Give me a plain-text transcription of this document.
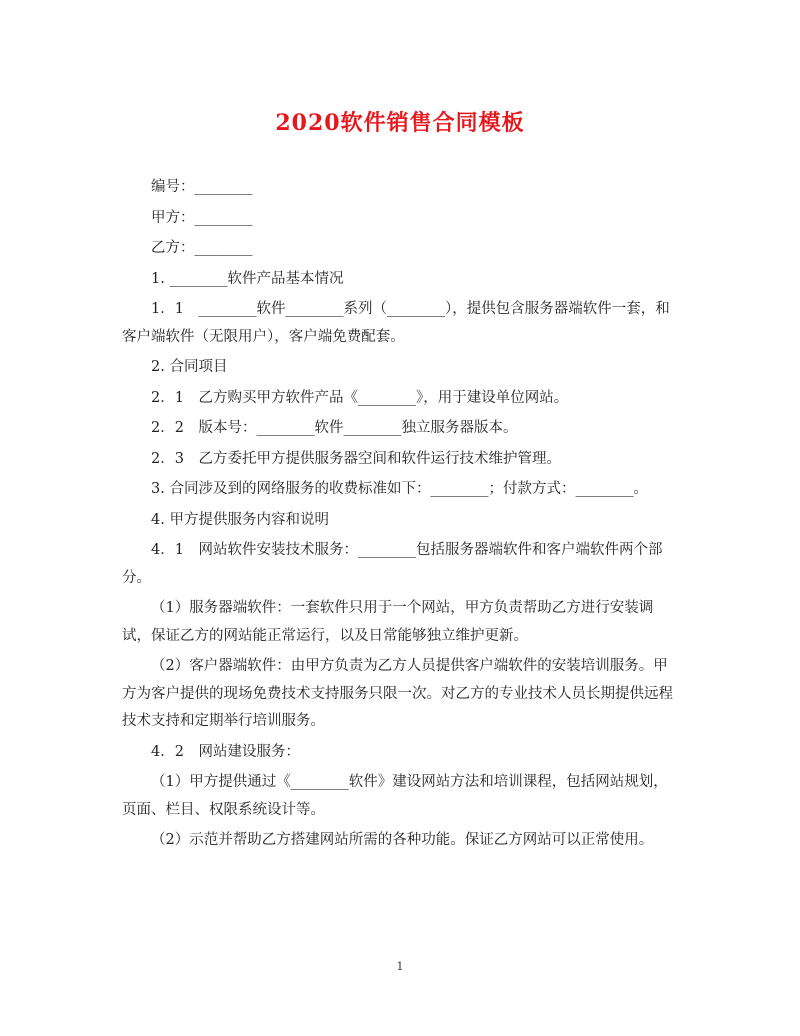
2020软件销售合同模板

编号：________

甲方：________

乙方：________

1. ________软件产品基本情况

1．1　________软件________系列（________），提供包含服务器端软件一套，和客户端软件（无限用户），客户端免费配套。

2. 合同项目

2．1　乙方购买甲方软件产品《________》，用于建设单位网站。

2．2　版本号：________软件________独立服务器版本。

2．3　乙方委托甲方提供服务器空间和软件运行技术维护管理。

3. 合同涉及到的网络服务的收费标准如下：________；付款方式：________。

4. 甲方提供服务内容和说明

4．1　网站软件安装技术服务：________包括服务器端软件和客户端软件两个部分。

（1）服务器端软件：一套软件只用于一个网站，甲方负责帮助乙方进行安装调试，保证乙方的网站能正常运行，以及日常能够独立维护更新。

（2）客户器端软件：由甲方负责为乙方人员提供客户端软件的安装培训服务。甲方为客户提供的现场免费技术支持服务只限一次。对乙方的专业技术人员长期提供远程技术支持和定期举行培训服务。

4．2　网站建设服务：

（1）甲方提供通过《________软件》建设网站方法和培训课程，包括网站规划，页面、栏目、权限系统设计等。

（2）示范并帮助乙方搭建网站所需的各种功能。保证乙方网站可以正常使用。

1
